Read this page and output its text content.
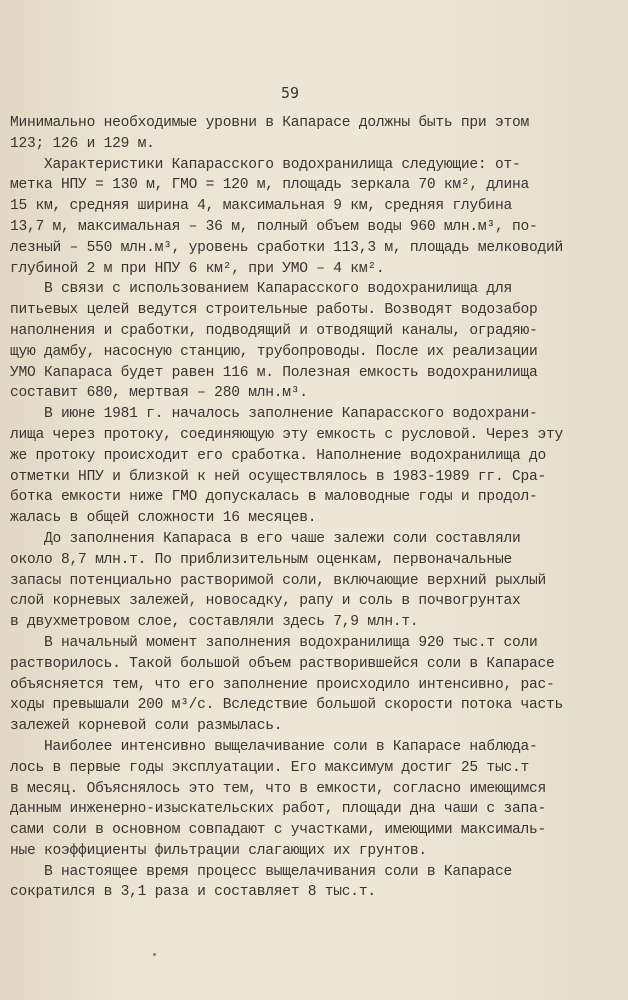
59
Минимально необходимые уровни в Капарасе должны быть при этом
123; 126 и 129 м.
Характеристики Капарасского водохранилища следующие: от-
метка НПУ = 130 м, ГМО = 120 м, площадь зеркала 70 км², длина
15 км, средняя ширина 4, максимальная 9 км, средняя глубина
13,7 м, максимальная – 36 м, полный объем воды 960 млн.м³, по-
лезный – 550 млн.м³, уровень сработки 113,3 м, площадь мелководий
глубиной 2 м при НПУ 6 км², при УМО – 4 км².
В связи с использованием Капарасского водохранилища для
питьевых целей ведутся строительные работы. Возводят водозабор
наполнения и сработки, подводящий и отводящий каналы, оградяю-
щую дамбу, насосную станцию, трубопроводы. После их реализации
УМО Капараса будет равен 116 м. Полезная емкость водохранилища
составит 680, мертвая – 280 млн.м³.
В июне 1981 г. началось заполнение Капарасского водохрани-
лища через протоку, соединяющую эту емкость с русловой. Через эту
же протоку происходит его сработка. Наполнение водохранилища до
отметки НПУ и близкой к ней осуществлялось в 1983-1989 гг. Сра-
ботка емкости ниже ГМО допускалась в маловодные годы и продол-
жалась в общей сложности 16 месяцев.
До заполнения Капараса в его чаше залежи соли составляли
около 8,7 млн.т. По приблизительным оценкам, первоначальные
запасы потенциально растворимой соли, включающие верхний рыхлый
слой корневых залежей, новосадку, рапу и соль в почвогрунтах
в двухметровом слое, составляли здесь 7,9 млн.т.
В начальный момент заполнения водохранилища 920 тыс.т соли
растворилось. Такой большой объем растворившейся соли в Капарасе
объясняется тем, что его заполнение происходило интенсивно, рас-
ходы превышали 200 м³/с. Вследствие большой скорости потока часть
залежей корневой соли размылась.
Наиболее интенсивно выщелачивание соли в Капарасе наблюда-
лось в первые годы эксплуатации. Его максимум достиг 25 тыс.т
в месяц. Объяснялось это тем, что в емкости, согласно имеющимся
данным инженерно-изыскательских работ, площади дна чаши с запа-
сами соли в основном совпадают с участками, имеющими максималь-
ные коэффициенты фильтрации слагающих их грунтов.
В настоящее время процесс выщелачивания соли в Капарасе
сократился в 3,1 раза и составляет 8 тыс.т.
